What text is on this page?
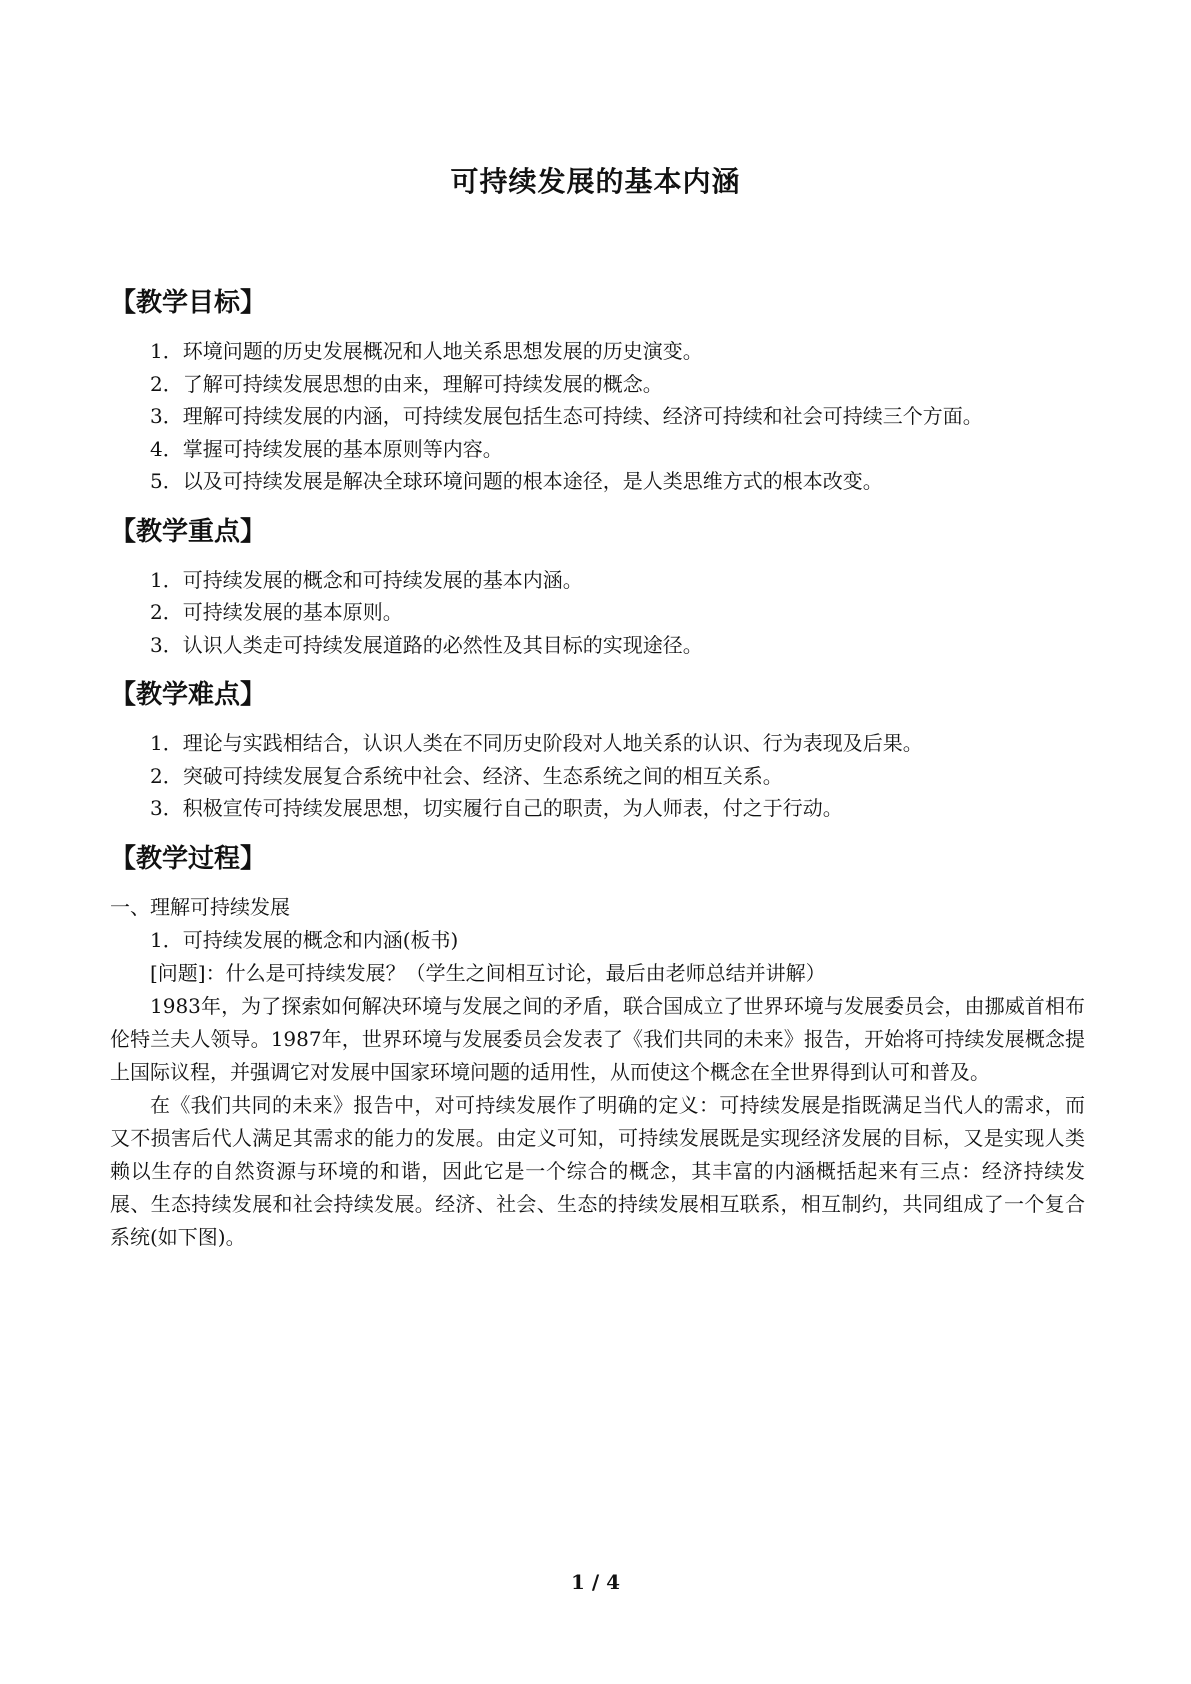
可持续发展的基本内涵
【教学目标】

1．环境问题的历史发展概况和人地关系思想发展的历史演变。

2．了解可持续发展思想的由来，理解可持续发展的概念。

3．理解可持续发展的内涵，可持续发展包括生态可持续、经济可持续和社会可持续三个方面。

4．掌握可持续发展的基本原则等内容。

5．以及可持续发展是解决全球环境问题的根本途径，是人类思维方式的根本改变。

【教学重点】

1．可持续发展的概念和可持续发展的基本内涵。

2．可持续发展的基本原则。

3．认识人类走可持续发展道路的必然性及其目标的实现途径。

【教学难点】

1．理论与实践相结合，认识人类在不同历史阶段对人地关系的认识、行为表现及后果。

2．突破可持续发展复合系统中社会、经济、生态系统之间的相互关系。

3．积极宣传可持续发展思想，切实履行自己的职责，为人师表，付之于行动。

【教学过程】

一、理解可持续发展

1．可持续发展的概念和内涵(板书)

[问题]：什么是可持续发展？（学生之间相互讨论，最后由老师总结并讲解）

1983年，为了探索如何解决环境与发展之间的矛盾，联合国成立了世界环境与发展委员会，由挪威首相布伦特兰夫人领导。1987年，世界环境与发展委员会发表了《我们共同的未来》报告，开始将可持续发展概念提上国际议程，并强调它对发展中国家环境问题的适用性，从而使这个概念在全世界得到认可和普及。

在《我们共同的未来》报告中，对可持续发展作了明确的定义：可持续发展是指既满足当代人的需求，而又不损害后代人满足其需求的能力的发展。由定义可知，可持续发展既是实现经济发展的目标，又是实现人类赖以生存的自然资源与环境的和谐，因此它是一个综合的概念，其丰富的内涵概括起来有三点：经济持续发展、生态持续发展和社会持续发展。经济、社会、生态的持续发展相互联系，相互制约，共同组成了一个复合系统(如下图)。

1 / 4
